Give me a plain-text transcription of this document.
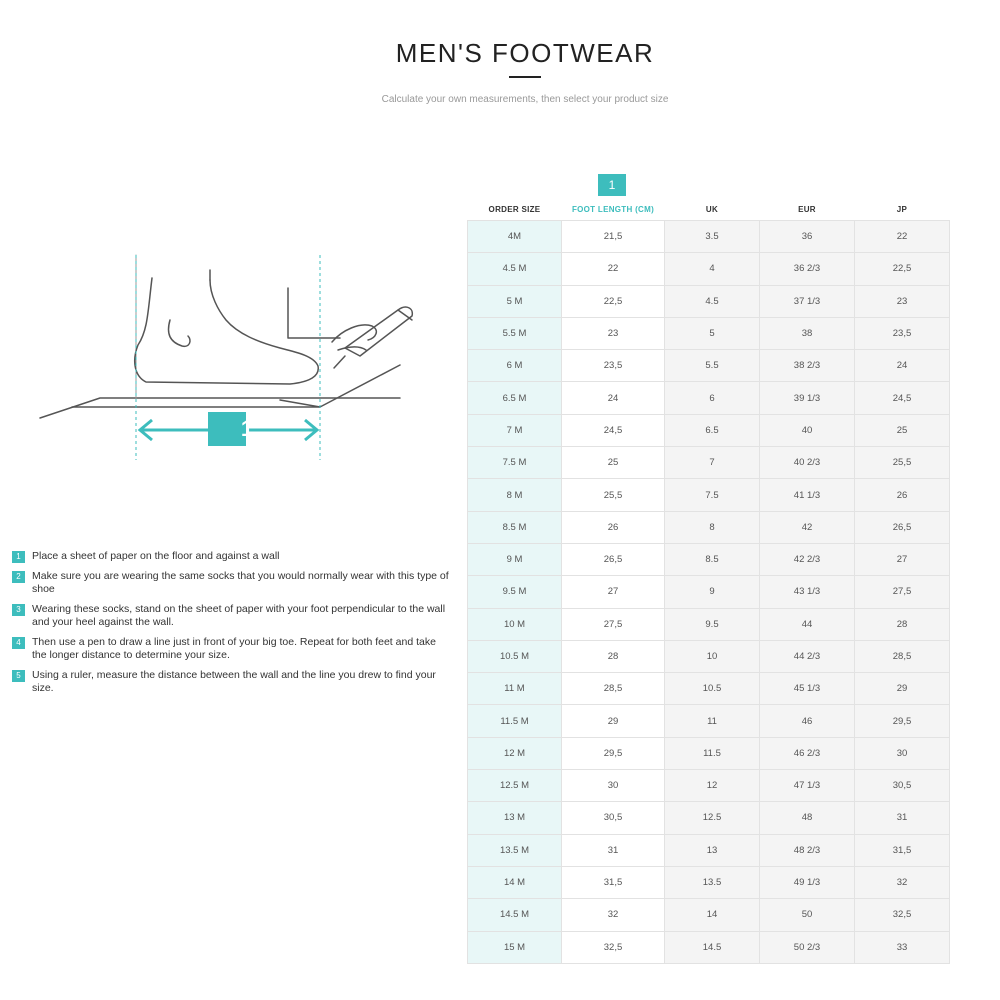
MEN'S FOOTWEAR
Calculate your own measurements, then select your product size
1
1	Place a sheet of paper on the floor and against a wall
2	Make sure you are wearing the same socks that you would normally wear with this type of shoe
3	Wearing these socks, stand on the sheet of paper with your foot perpendicular to the wall and your heel against the wall.
4	Then use a pen to draw a line just in front of your big toe. Repeat for both feet and take the longer distance to determine your size.
5	Using a ruler, measure the distance between the wall and the line you drew to find your size.
1
ORDER SIZE	FOOT LENGTH (CM)	UK	EUR	JP
4M	21,5	3.5	36	22
4.5 M	22	4	36 2/3	22,5
5 M	22,5	4.5	37 1/3	23
5.5 M	23	5	38	23,5
6 M	23,5	5.5	38 2/3	24
6.5 M	24	6	39 1/3	24,5
7 M	24,5	6.5	40	25
7.5 M	25	7	40 2/3	25,5
8 M	25,5	7.5	41 1/3	26
8.5 M	26	8	42	26,5
9 M	26,5	8.5	42 2/3	27
9.5 M	27	9	43 1/3	27,5
10 M	27,5	9.5	44	28
10.5 M	28	10	44 2/3	28,5
11 M	28,5	10.5	45 1/3	29
11.5 M	29	11	46	29,5
12 M	29,5	11.5	46 2/3	30
12.5 M	30	12	47 1/3	30,5
13 M	30,5	12.5	48	31
13.5 M	31	13	48 2/3	31,5
14 M	31,5	13.5	49 1/3	32
14.5 M	32	14	50	32,5
15 M	32,5	14.5	50 2/3	33
